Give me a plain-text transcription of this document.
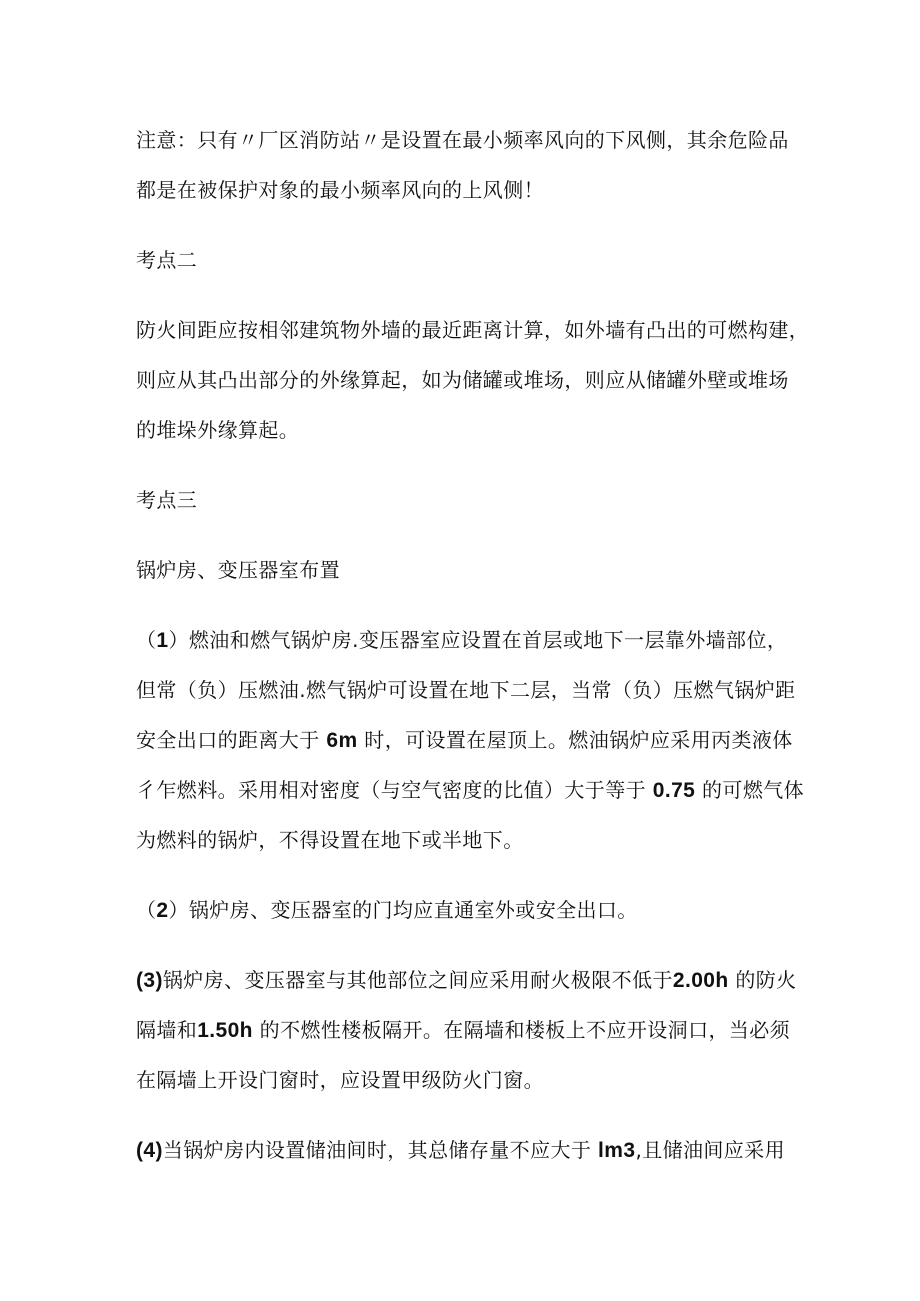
注意：只有〃厂区消防站〃是设置在最小频率风向的下风侧，其余危险品
都是在被保护对象的最小频率风向的上风侧！
考点二
防火间距应按相邻建筑物外墙的最近距离计算，如外墙有凸出的可燃构建，
则应从其凸出部分的外缘算起，如为储罐或堆场，则应从储罐外壁或堆场
的堆垛外缘算起。
考点三
锅炉房、变压器室布置
（1）燃油和燃气锅炉房.变压器室应设置在首层或地下一层靠外墙部位，
但常（负）压燃油.燃气锅炉可设置在地下二层，当常（负）压燃气锅炉距
安全出口的距离大于 6m 时，可设置在屋顶上。燃油锅炉应采用丙类液体
彳乍燃料。采用相对密度（与空气密度的比值）大于等于 0.75 的可燃气体
为燃料的锅炉，不得设置在地下或半地下。
（2）锅炉房、变压器室的门均应直通室外或安全出口。
(3)锅炉房、变压器室与其他部位之间应采用耐火极限不低于2.00h 的防火
隔墙和1.50h 的不燃性楼板隔开。在隔墙和楼板上不应开设洞口，当必须
在隔墙上开设门窗时，应设置甲级防火门窗。
(4)当锅炉房内设置储油间时，其总储存量不应大于 lm3,且储油间应采用
